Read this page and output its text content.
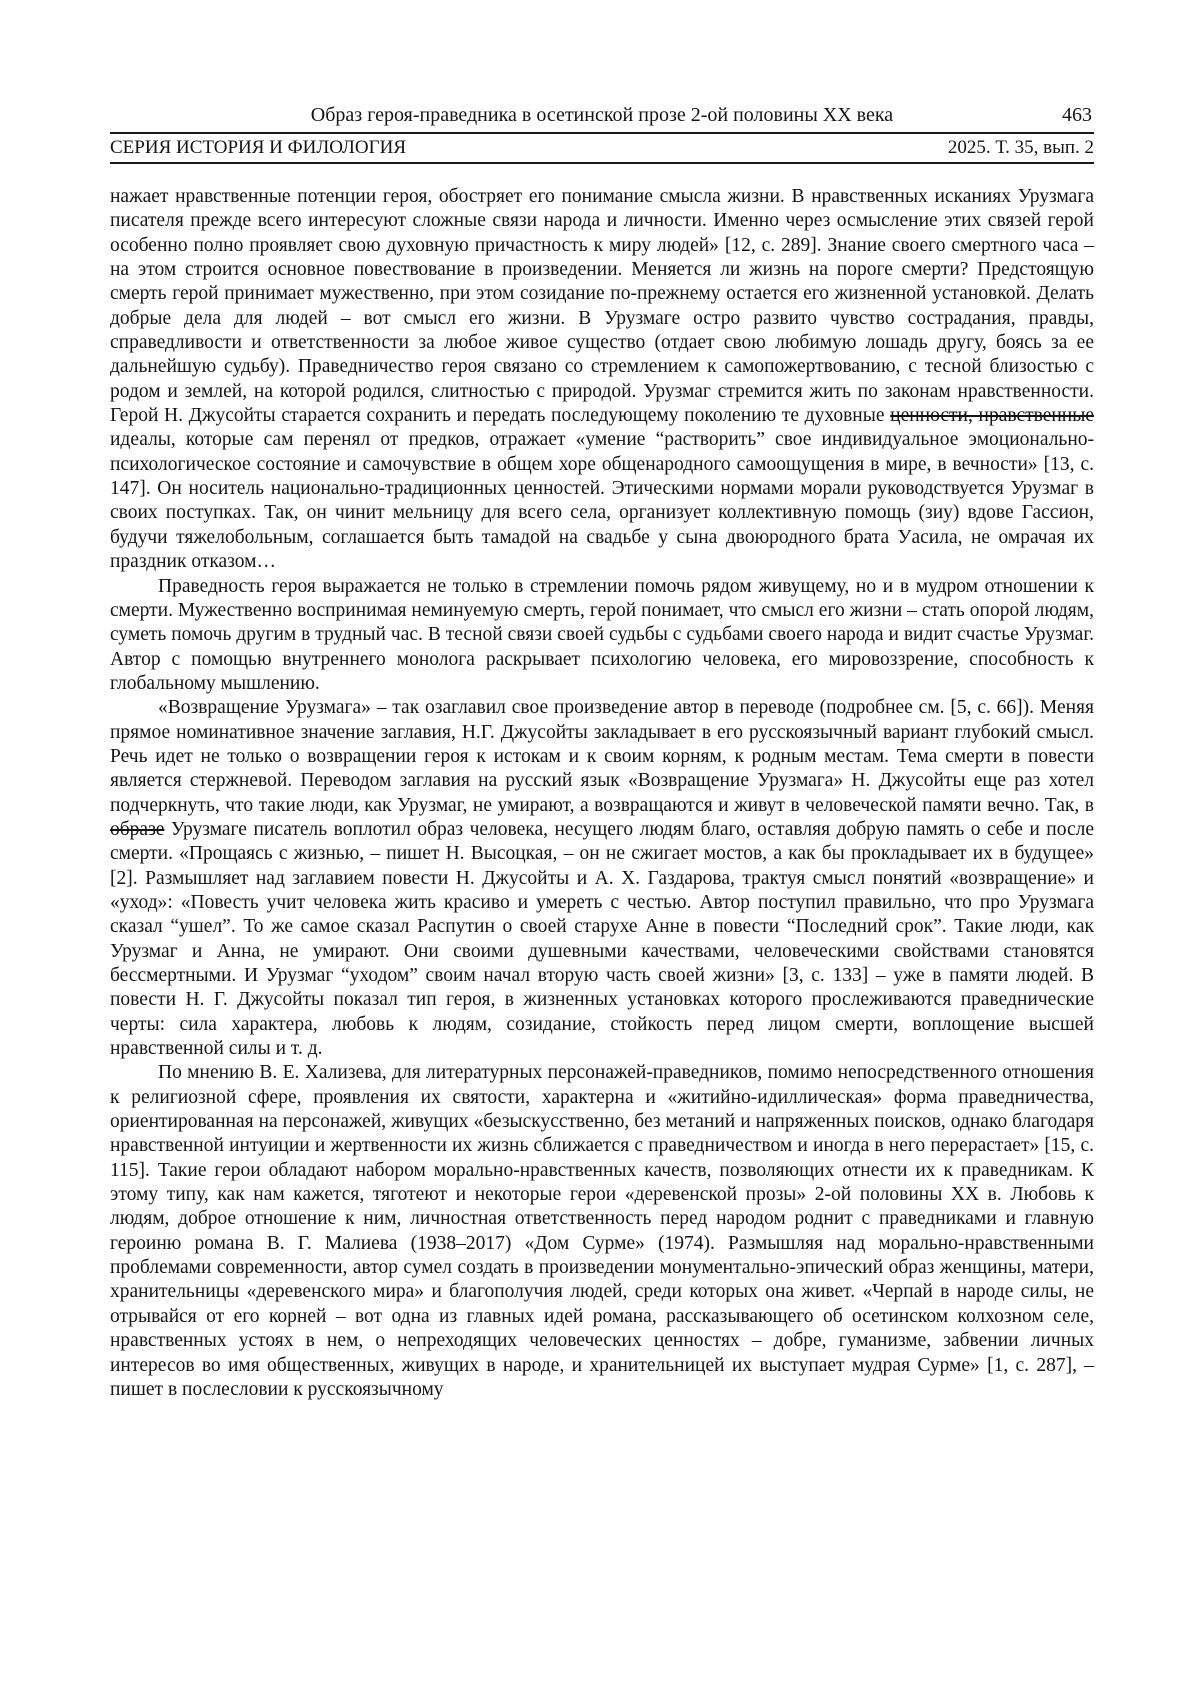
Образ героя-праведника в осетинской прозе 2-ой половины XX века	463
СЕРИЯ ИСТОРИЯ И ФИЛОЛОГИЯ	2025. Т. 35, вып. 2

нажает нравственные потенции героя, обостряет его понимание смысла жизни. В нравственных исканиях Урузмага писателя прежде всего интересуют сложные связи народа и личности. Именно через осмысление этих связей герой особенно полно проявляет свою духовную причастность к миру людей» [12, с. 289]. Знание своего смертного часа – на этом строится основное повествование в произведении. Меняется ли жизнь на пороге смерти? Предстоящую смерть герой принимает мужественно, при этом созидание по-прежнему остается его жизненной установкой. Делать добрые дела для людей – вот смысл его жизни. В Урузмаге остро развито чувство сострадания, правды, справедливости и ответственности за любое живое существо (отдает свою любимую лошадь другу, боясь за ее дальнейшую судьбу). Праведничество героя связано со стремлением к самопожертвованию, с тесной близостью с родом и землей, на которой родился, слитностью с природой. Урузмаг стремится жить по законам нравственности. Герой Н. Джусойты старается сохранить и передать последующему поколению те духовные ценности, нравственные идеалы, которые сам перенял от предков, отражает «умение “растворить” свое индивидуальное эмоционально-психологическое состояние и самочувствие в общем хоре общенародного самоощущения в мире, в вечности» [13, с. 147]. Он носитель национально-традиционных ценностей. Этическими нормами морали руководствуется Урузмаг в своих поступках. Так, он чинит мельницу для всего села, организует коллективную помощь (зиу) вдове Гассион, будучи тяжелобольным, соглашается быть тамадой на свадьбе у сына двоюродного брата Уасила, не омрачая их праздник отказом…

Праведность героя выражается не только в стремлении помочь рядом живущему, но и в мудром отношении к смерти. Мужественно воспринимая неминуемую смерть, герой понимает, что смысл его жизни – стать опорой людям, суметь помочь другим в трудный час. В тесной связи своей судьбы с судьбами своего народа и видит счастье Урузмаг. Автор с помощью внутреннего монолога раскрывает психологию человека, его мировоззрение, способность к глобальному мышлению.

«Возвращение Урузмага» – так озаглавил свое произведение автор в переводе (подробнее см. [5, с. 66]). Меняя прямое номинативное значение заглавия, Н.Г. Джусойты закладывает в его русскоязычный вариант глубокий смысл. Речь идет не только о возвращении героя к истокам и к своим корням, к родным местам. Тема смерти в повести является стержневой. Переводом заглавия на русский язык «Возвращение Урузмага» Н. Джусойты еще раз хотел подчеркнуть, что такие люди, как Урузмаг, не умирают, а возвращаются и живут в человеческой памяти вечно. Так, в образе Урузмаге писатель воплотил образ человека, несущего людям благо, оставляя добрую память о себе и после смерти. «Прощаясь с жизнью, – пишет Н. Высоцкая, – он не сжигает мостов, а как бы прокладывает их в будущее» [2]. Размышляет над заглавием повести Н. Джусойты и А. Х. Газдарова, трактуя смысл понятий «возвращение» и «уход»: «Повесть учит человека жить красиво и умереть с честью. Автор поступил правильно, что про Урузмага сказал “ушел”. То же самое сказал Распутин о своей старухе Анне в повести “Последний срок”. Такие люди, как Урузмаг и Анна, не умирают. Они своими душевными качествами, человеческими свойствами становятся бессмертными. И Урузмаг “уходом” своим начал вторую часть своей жизни» [3, с. 133] – уже в памяти людей. В повести Н. Г. Джусойты показал тип героя, в жизненных установках которого прослеживаются праведнические черты: сила характера, любовь к людям, созидание, стойкость перед лицом смерти, воплощение высшей нравственной силы и т. д.

По мнению В. Е. Хализева, для литературных персонажей-праведников, помимо непосредственного отношения к религиозной сфере, проявления их святости, характерна и «житийно-идиллическая» форма праведничества, ориентированная на персонажей, живущих «безыскусственно, без метаний и напряженных поисков, однако благодаря нравственной интуиции и жертвенности их жизнь сближается с праведничеством и иногда в него перерастает» [15, с. 115]. Такие герои обладают набором морально-нравственных качеств, позволяющих отнести их к праведникам. К этому типу, как нам кажется, тяготеют и некоторые герои «деревенской прозы» 2-ой половины XX в. Любовь к людям, доброе отношение к ним, личностная ответственность перед народом роднит с праведниками и главную героиню романа В. Г. Малиева (1938–2017) «Дом Сурме» (1974). Размышляя над морально-нравственными проблемами современности, автор сумел создать в произведении монументально-эпический образ женщины, матери, хранительницы «деревенского мира» и благополучия людей, среди которых она живет. «Черпай в народе силы, не отрывайся от его корней – вот одна из главных идей романа, рассказывающего об осетинском колхозном селе, нравственных устоях в нем, о непреходящих человеческих ценностях – добре, гуманизме, забвении личных интересов во имя общественных, живущих в народе, и хранительницей их выступает мудрая Сурме» [1, с. 287], – пишет в послесловии к русскоязычному
